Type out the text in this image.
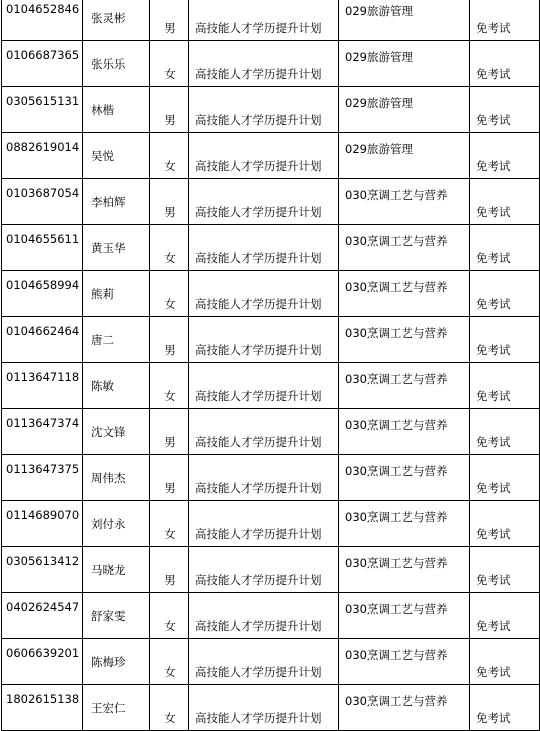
0104652846	张灵彬	男	高技能人才学历提升计划	029旅游管理	免考试
0106687365	张乐乐	女	高技能人才学历提升计划	029旅游管理	免考试
0305615131	林楷	男	高技能人才学历提升计划	029旅游管理	免考试
0882619014	吴悦	女	高技能人才学历提升计划	029旅游管理	免考试
0103687054	李柏辉	男	高技能人才学历提升计划	030烹调工艺与营养	免考试
0104655611	黄玉华	女	高技能人才学历提升计划	030烹调工艺与营养	免考试
0104658994	熊莉	女	高技能人才学历提升计划	030烹调工艺与营养	免考试
0104662464	唐二	男	高技能人才学历提升计划	030烹调工艺与营养	免考试
0113647118	陈敏	女	高技能人才学历提升计划	030烹调工艺与营养	免考试
0113647374	沈文锋	男	高技能人才学历提升计划	030烹调工艺与营养	免考试
0113647375	周伟杰	男	高技能人才学历提升计划	030烹调工艺与营养	免考试
0114689070	刘付永	女	高技能人才学历提升计划	030烹调工艺与营养	免考试
0305613412	马晓龙	男	高技能人才学历提升计划	030烹调工艺与营养	免考试
0402624547	舒家雯	女	高技能人才学历提升计划	030烹调工艺与营养	免考试
0606639201	陈梅珍	女	高技能人才学历提升计划	030烹调工艺与营养	免考试
1802615138	王宏仁	女	高技能人才学历提升计划	030烹调工艺与营养	免考试
